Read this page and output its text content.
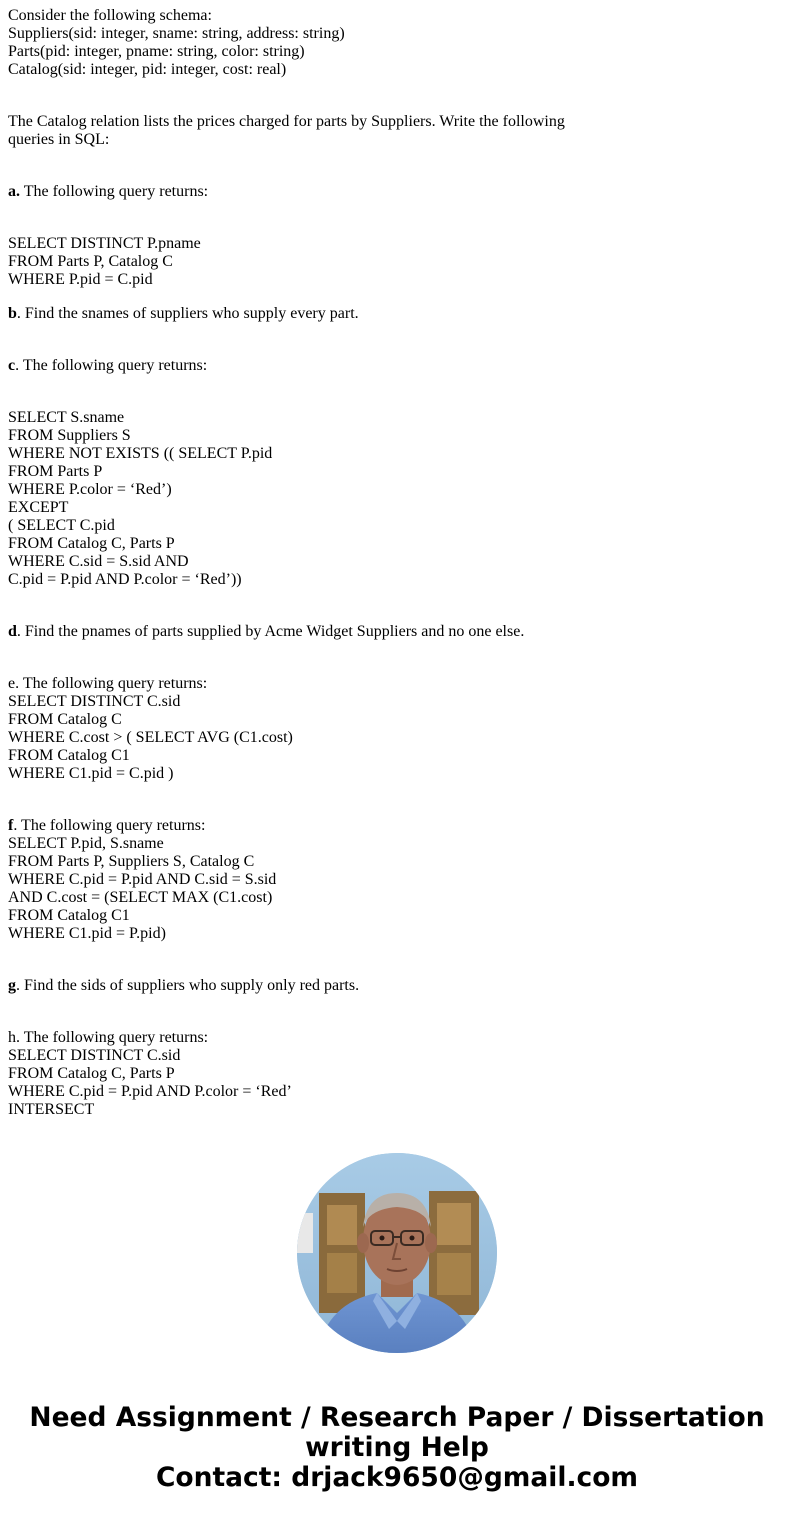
Consider the following schema:
Suppliers(sid: integer, sname: string, address: string)
Parts(pid: integer, pname: string, color: string)
Catalog(sid: integer, pid: integer, cost: real)
The Catalog relation lists the prices charged for parts by Suppliers. Write the following
queries in SQL:
a. The following query returns:
SELECT DISTINCT P.pname
FROM Parts P, Catalog C
WHERE P.pid = C.pid
b. Find the snames of suppliers who supply every part.
c. The following query returns:
SELECT S.sname
FROM Suppliers S
WHERE NOT EXISTS (( SELECT P.pid
FROM Parts P
WHERE P.color = ‘Red’)
EXCEPT
( SELECT C.pid
FROM Catalog C, Parts P
WHERE C.sid = S.sid AND
C.pid = P.pid AND P.color = ‘Red’))
d. Find the pnames of parts supplied by Acme Widget Suppliers and no one else.
e. The following query returns:
SELECT DISTINCT C.sid
FROM Catalog C
WHERE C.cost > ( SELECT AVG (C1.cost)
FROM Catalog C1
WHERE C1.pid = C.pid )
f. The following query returns:
SELECT P.pid, S.sname
FROM Parts P, Suppliers S, Catalog C
WHERE C.pid = P.pid AND C.sid = S.sid
AND C.cost = (SELECT MAX (C1.cost)
FROM Catalog C1
WHERE C1.pid = P.pid)
g. Find the sids of suppliers who supply only red parts.
h. The following query returns:
SELECT DISTINCT C.sid
FROM Catalog C, Parts P
WHERE C.pid = P.pid AND P.color = ‘Red’
INTERSECT
Need Assignment / Research Paper / Dissertation
writing Help
Contact: drjack9650@gmail.com
